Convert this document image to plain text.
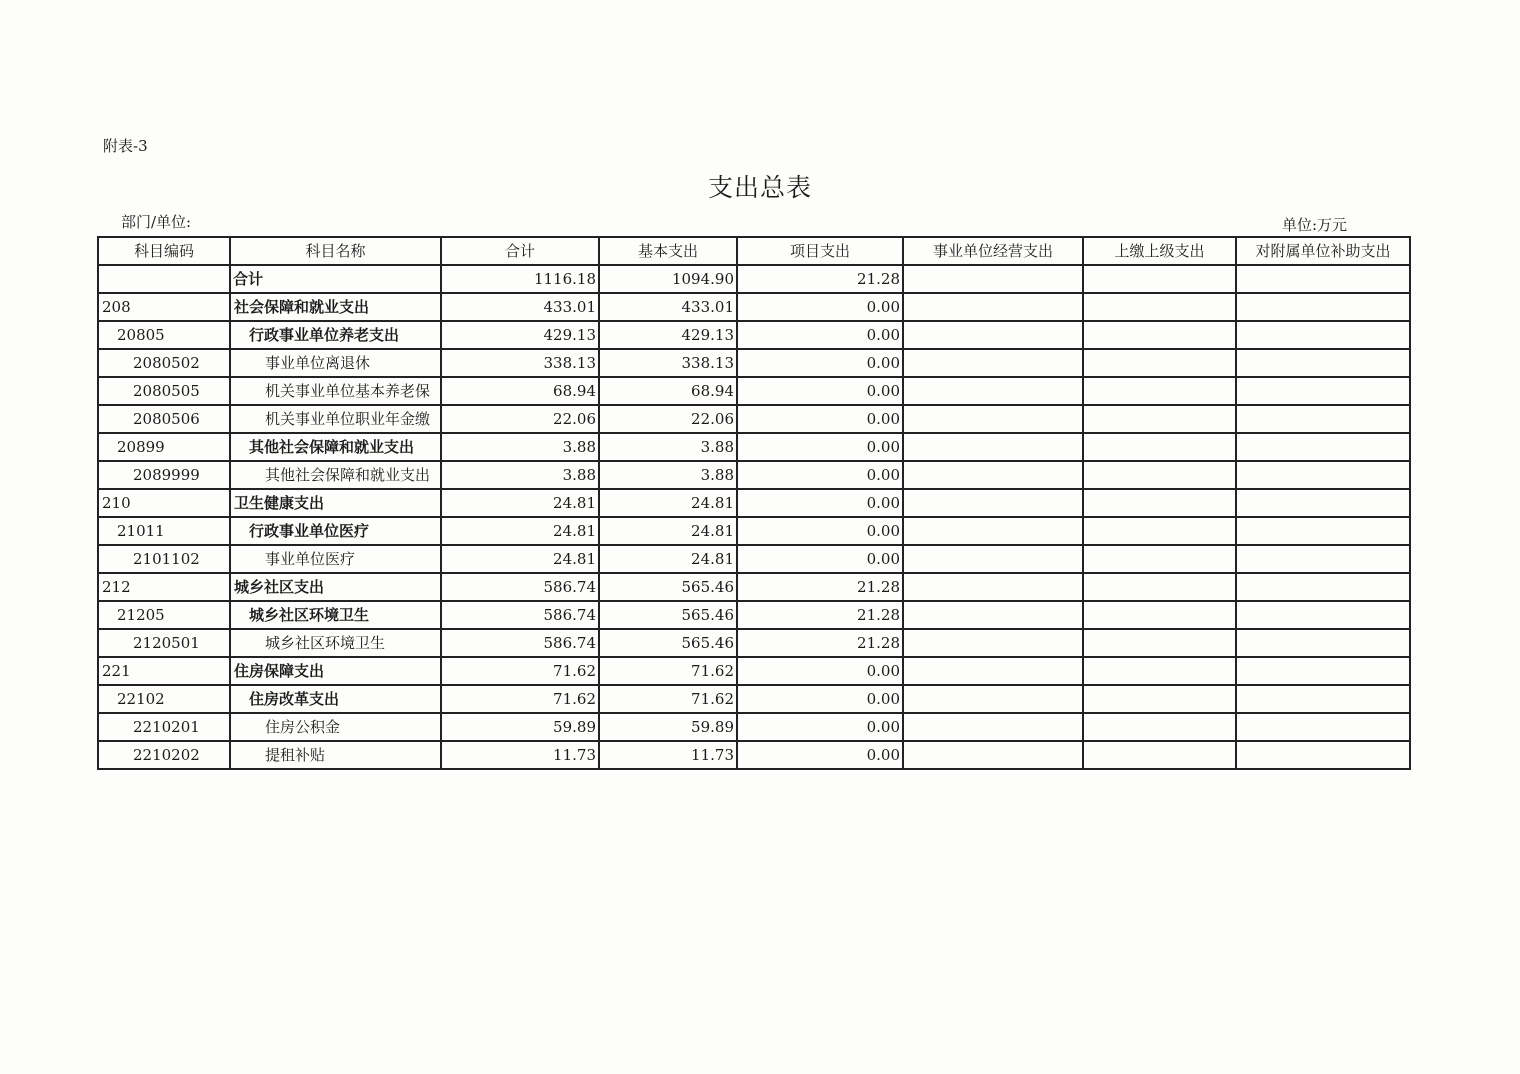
附表-3
支出总表
部门/单位:	单位:万元
科目编码	科目名称	合计	基本支出	项目支出	事业单位经营支出	上缴上级支出	对附属单位补助支出
	合计	1116.18	1094.90	21.28			
208	社会保障和就业支出	433.01	433.01	0.00			
20805	行政事业单位养老支出	429.13	429.13	0.00			
2080502	事业单位离退休	338.13	338.13	0.00			
2080505	机关事业单位基本养老保	68.94	68.94	0.00			
2080506	机关事业单位职业年金缴	22.06	22.06	0.00			
20899	其他社会保障和就业支出	3.88	3.88	0.00			
2089999	其他社会保障和就业支出	3.88	3.88	0.00			
210	卫生健康支出	24.81	24.81	0.00			
21011	行政事业单位医疗	24.81	24.81	0.00			
2101102	事业单位医疗	24.81	24.81	0.00			
212	城乡社区支出	586.74	565.46	21.28			
21205	城乡社区环境卫生	586.74	565.46	21.28			
2120501	城乡社区环境卫生	586.74	565.46	21.28			
221	住房保障支出	71.62	71.62	0.00			
22102	住房改革支出	71.62	71.62	0.00			
2210201	住房公积金	59.89	59.89	0.00			
2210202	提租补贴	11.73	11.73	0.00			
